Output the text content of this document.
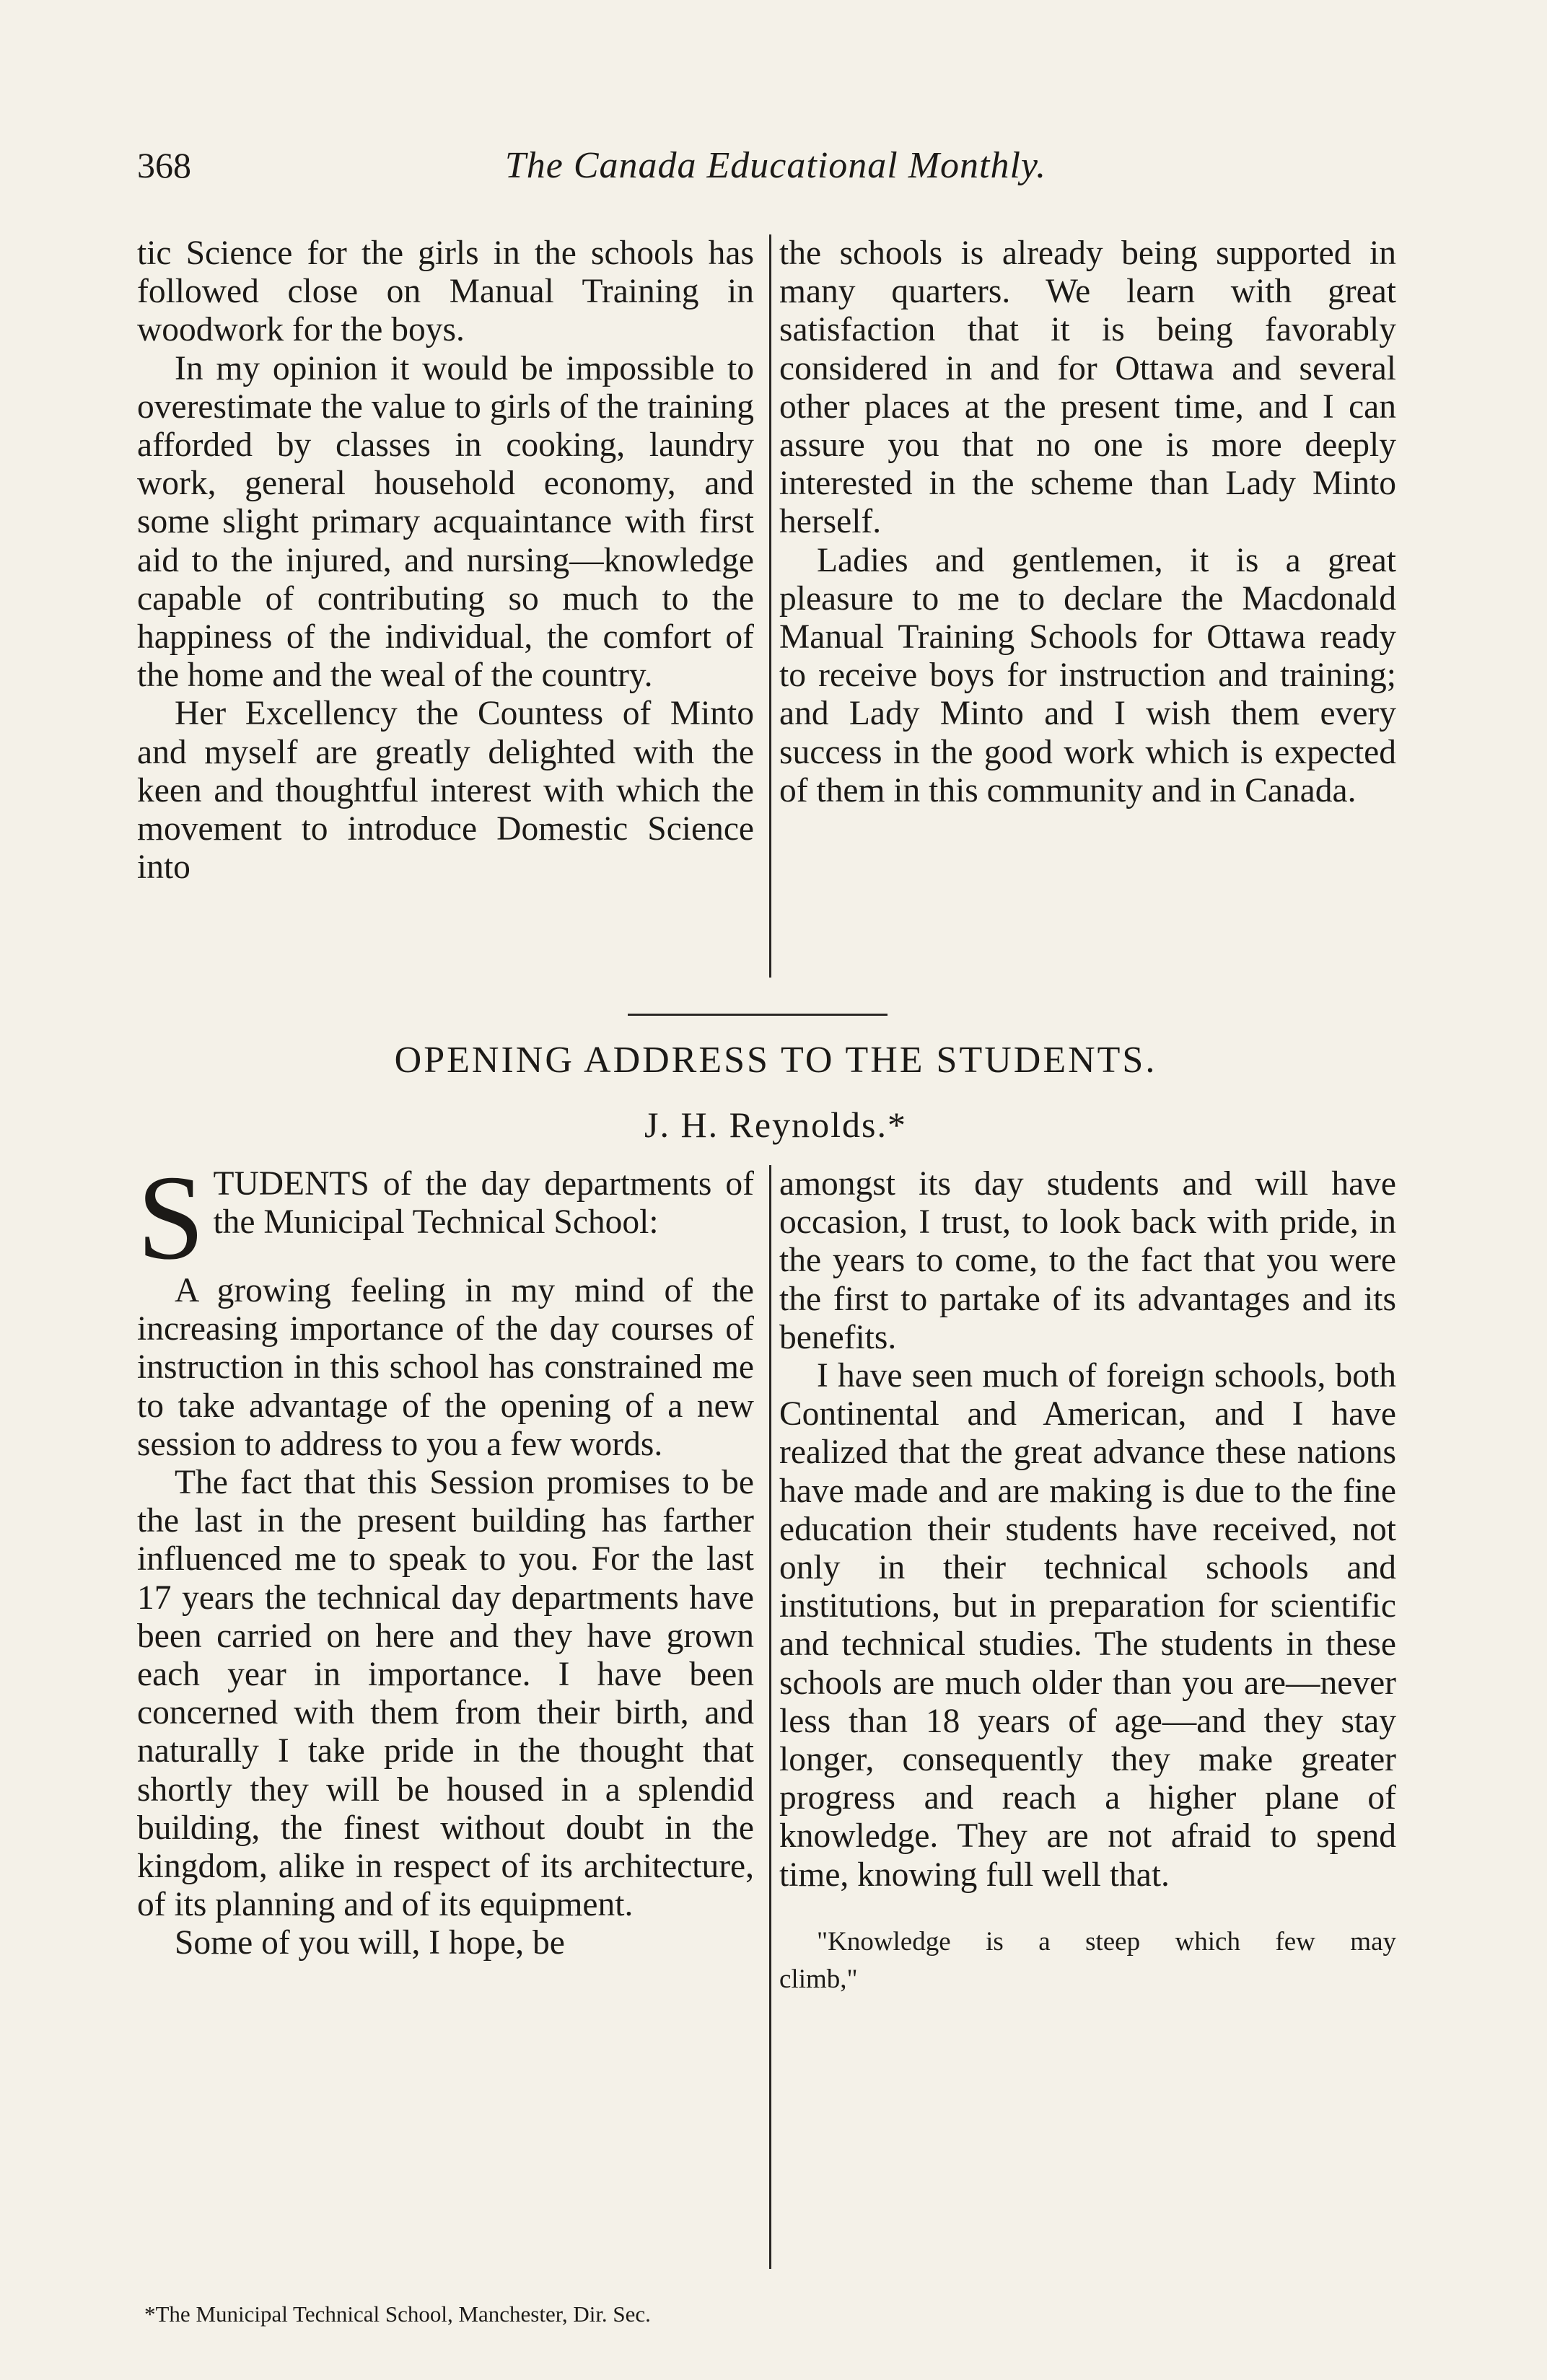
368	The Canada Educational Monthly.

tic Science for the girls in the schools has followed close on Manual Training in woodwork for the boys.

In my opinion it would be impossible to overestimate the value to girls of the training afforded by classes in cooking, laundry work, general household economy, and some slight primary acquaintance with first aid to the injured, and nursing—knowledge capable of contributing so much to the happiness of the individual, the comfort of the home and the weal of the country.

Her Excellency the Countess of Minto and myself are greatly delighted with the keen and thoughtful interest with which the movement to introduce Domestic Science into

the schools is already being supported in many quarters. We learn with great satisfaction that it is being favorably considered in and for Ottawa and several other places at the present time, and I can assure you that no one is more deeply interested in the scheme than Lady Minto herself.

Ladies and gentlemen, it is a great pleasure to me to declare the Macdonald Manual Training Schools for Ottawa ready to receive boys for instruction and training; and Lady Minto and I wish them every success in the good work which is expected of them in this community and in Canada.

OPENING ADDRESS TO THE STUDENTS.
J. H. Reynolds.*

STUDENTS of the day departments of the Municipal Technical School:

A growing feeling in my mind of the increasing importance of the day courses of instruction in this school has constrained me to take advantage of the opening of a new session to address to you a few words.

The fact that this Session promises to be the last in the present building has farther influenced me to speak to you. For the last 17 years the technical day departments have been carried on here and they have grown each year in importance. I have been concerned with them from their birth, and naturally I take pride in the thought that shortly they will be housed in a splendid building, the finest without doubt in the kingdom, alike in respect of its architecture, of its planning and of its equipment.

Some of you will, I hope, be

amongst its day students and will have occasion, I trust, to look back with pride, in the years to come, to the fact that you were the first to partake of its advantages and its benefits.

I have seen much of foreign schools, both Continental and American, and I have realized that the great advance these nations have made and are making is due to the fine education their students have received, not only in their technical schools and institutions, but in preparation for scientific and technical studies. The students in these schools are much older than you are—never less than 18 years of age—and they stay longer, consequently they make greater progress and reach a higher plane of knowledge. They are not afraid to spend time, knowing full well that.

"Knowledge is a steep which few may
climb,"

*The Municipal Technical School, Manchester, Dir. Sec.
